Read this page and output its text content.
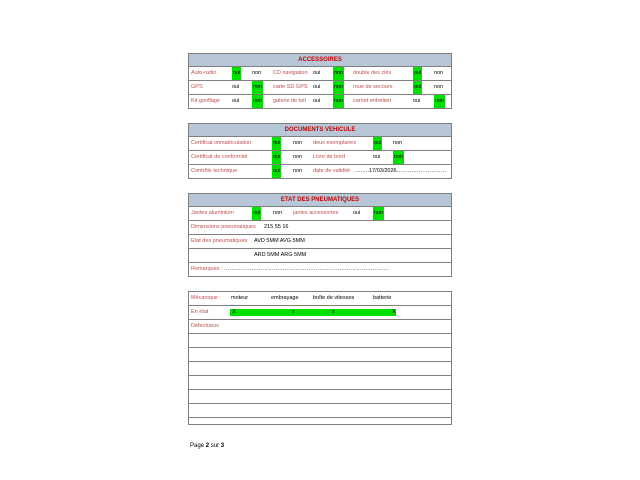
ACCESSOIRES
Auto-radio	oui non CD navigation oui non double des clés	oui non
GPS	oui non carte SD GPS oui non roue de secours	oui non
Kit gonflage oui non galerie de toit oui non carnet entretien	oui	non
DOCUMENTS VEHICULE
Certificat immatriculation	oui non deux exemplaires	oui non
Certificat de conformité	oui non Livre de bord	oui non
Contrôle technique	oui non date de validité ……..17/03/2026………………………
ETAT DES PNEUMATIQUES
Jantes aluminium	oui non jantes accessoires	oui non
Dimensions pneumatiques 215 55 16
Etat des pneumatiques AVD 5MM AVG 5MM
ARD 5MM ARG 5MM
Remarques : ………………………………………………………………………………
Mécanique : moteur	embrayage	boîte de vitesses	batterie
En état	X	x	x	X
Défectueux
Page 2 sur 3
